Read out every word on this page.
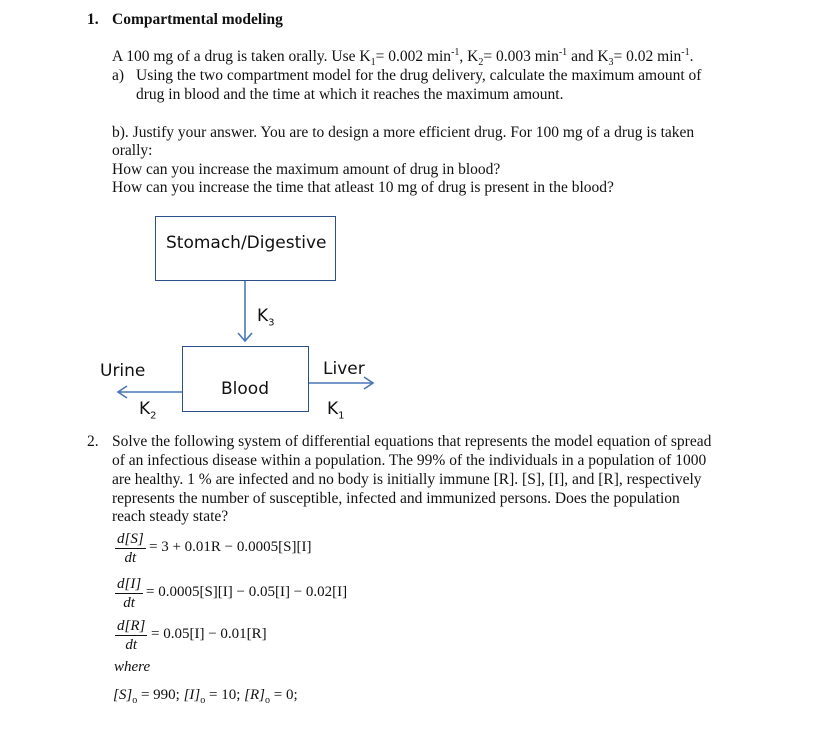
1. Compartmental modeling
A 100 mg of a drug is taken orally. Use $K_1= 0.002$ $\min^{-1}$, $K_2= 0.003$ $\min^{-1}$ and $K_3= 0.02$ $\min^{-1}$.
a) Using the two compartment model for the drug delivery, calculate the maximum amount of
drug in blood and the time at which it reaches the maximum amount.
b). Justify your answer. You are to design a more efficient drug. For 100 mg of a drug is taken
orally:
How can you increase the maximum amount of drug in blood?
How can you increase the time that atleast 10 mg of drug is present in the blood?
Stomach/Digestive
Blood
$K_3$
Urine	Liver
$K_2$	$K_1$
2. Solve the following system of differential equations that represents the model equation of spread
of an infectious disease within a population. The 99% of the individuals in a population of 1000
are healthy. 1 % are infected and no body is initially immune [R]. [S], [I], and [R], respectively
represents the number of susceptible, infected and immunized persons. Does the population
reach steady state?
$\frac{d[S]}{dt} = 3 + 0.01R - 0.0005[S][I]$
$\frac{d[I]}{dt} = 0.0005[S][I] - 0.05[I] - 0.02[I]$
$\frac{d[R]}{dt} = 0.05[I] - 0.01[R]$
where
$[S]_o = 990$; $[I]_o = 10$; $[R]_o = 0$;
